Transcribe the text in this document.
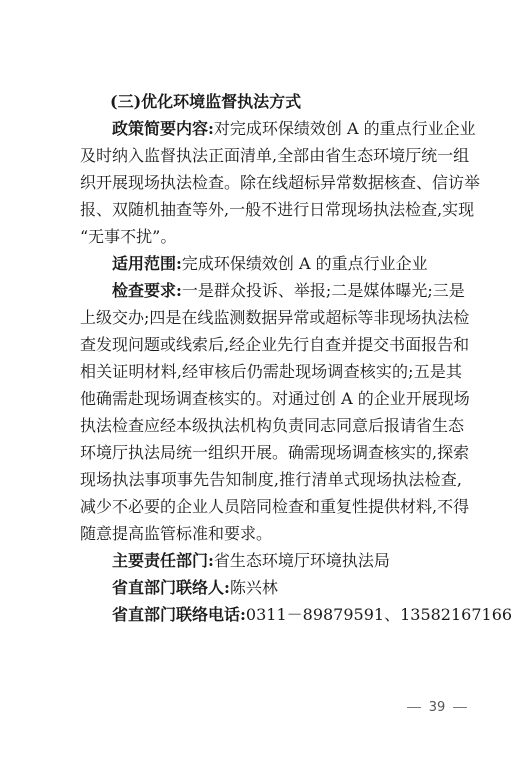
(三)优化环境监督执法方式
政策简要内容:对完成环保绩效创 A 的重点行业企业
及时纳入监督执法正面清单,全部由省生态环境厅统一组
织开展现场执法检查。除在线超标异常数据核查、信访举
报、双随机抽查等外,一般不进行日常现场执法检查,实现
“无事不扰”。
适用范围:完成环保绩效创 A 的重点行业企业
检查要求:一是群众投诉、举报;二是媒体曝光;三是
上级交办;四是在线监测数据异常或超标等非现场执法检
查发现问题或线索后,经企业先行自查并提交书面报告和
相关证明材料,经审核后仍需赴现场调查核实的;五是其
他确需赴现场调查核实的。对通过创 A 的企业开展现场
执法检查应经本级执法机构负责同志同意后报请省生态
环境厅执法局统一组织开展。确需现场调查核实的,探索
现场执法事项事先告知制度,推行清单式现场执法检查,
减少不必要的企业人员陪同检查和重复性提供材料,不得
随意提高监管标准和要求。
主要责任部门:省生态环境厅环境执法局
省直部门联络人:陈兴林
省直部门联络电话:0311－89879591、13582167166
39
